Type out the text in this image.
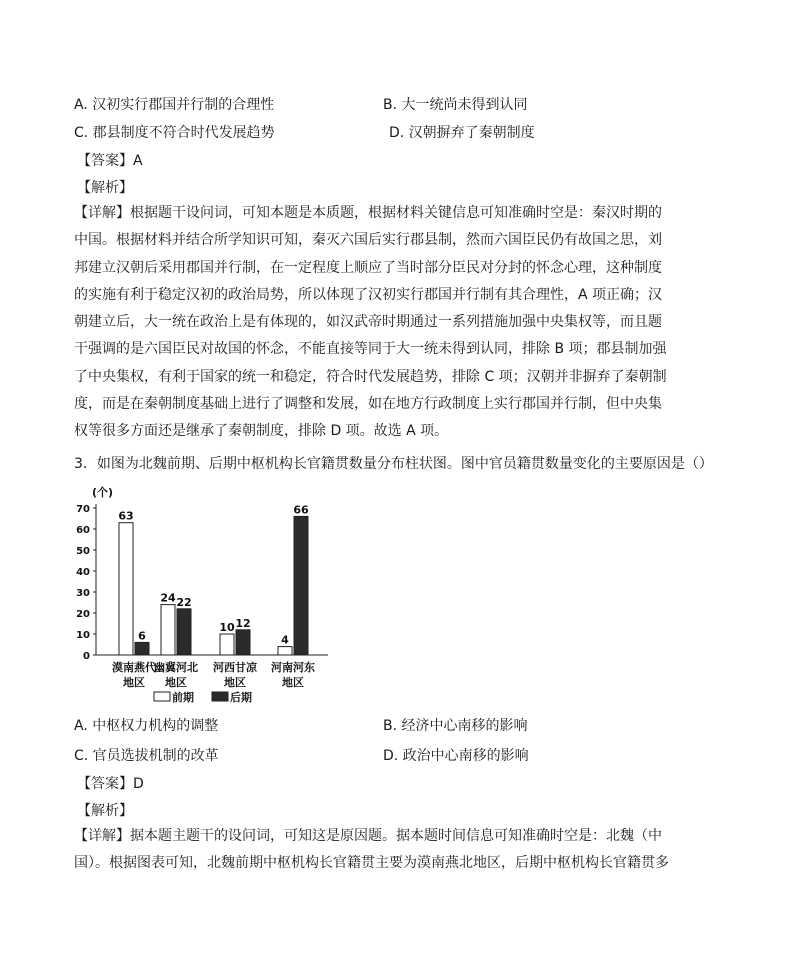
A. 汉初实行郡国并行制的合理性	B. 大一统尚未得到认同
C. 郡县制度不符合时代发展趋势	D. 汉朝摒弃了秦朝制度
【答案】A
【解析】
【详解】根据题干设问词，可知本题是本质题，根据材料关键信息可知准确时空是：秦汉时期的
中国。根据材料并结合所学知识可知，秦灭六国后实行郡县制，然而六国臣民仍有故国之思，刘
邦建立汉朝后采用郡国并行制，在一定程度上顺应了当时部分臣民对分封的怀念心理，这种制度
的实施有利于稳定汉初的政治局势，所以体现了汉初实行郡国并行制有其合理性，A 项正确；汉
朝建立后，大一统在政治上是有体现的，如汉武帝时期通过一系列措施加强中央集权等，而且题
干强调的是六国臣民对故国的怀念，不能直接等同于大一统未得到认同，排除 B 项；郡县制加强
了中央集权，有利于国家的统一和稳定，符合时代发展趋势，排除 C 项；汉朝并非摒弃了秦朝制
度，而是在秦朝制度基础上进行了调整和发展，如在地方行政制度上实行郡国并行制，但中央集
权等很多方面还是继承了秦朝制度，排除 D 项。故选 A 项。
3．如图为北魏前期、后期中枢机构长官籍贯数量分布柱状图。图中官员籍贯数量变化的主要原因是（）
(个)
0
10
20
30
40
50
60
70
63
6
漠南燕代
地区
24 22
幽冀河北
地区
10 12
河西甘凉
地区
4
66
河南河东
地区
前期	后期
A. 中枢权力机构的调整	B. 经济中心南移的影响
C. 官员选拔机制的改革	D. 政治中心南移的影响
【答案】D
【解析】
【详解】据本题主题干的设问词，可知这是原因题。据本题时间信息可知准确时空是：北魏（中
国）。根据图表可知，北魏前期中枢机构长官籍贯主要为漠南燕北地区，后期中枢机构长官籍贯多
